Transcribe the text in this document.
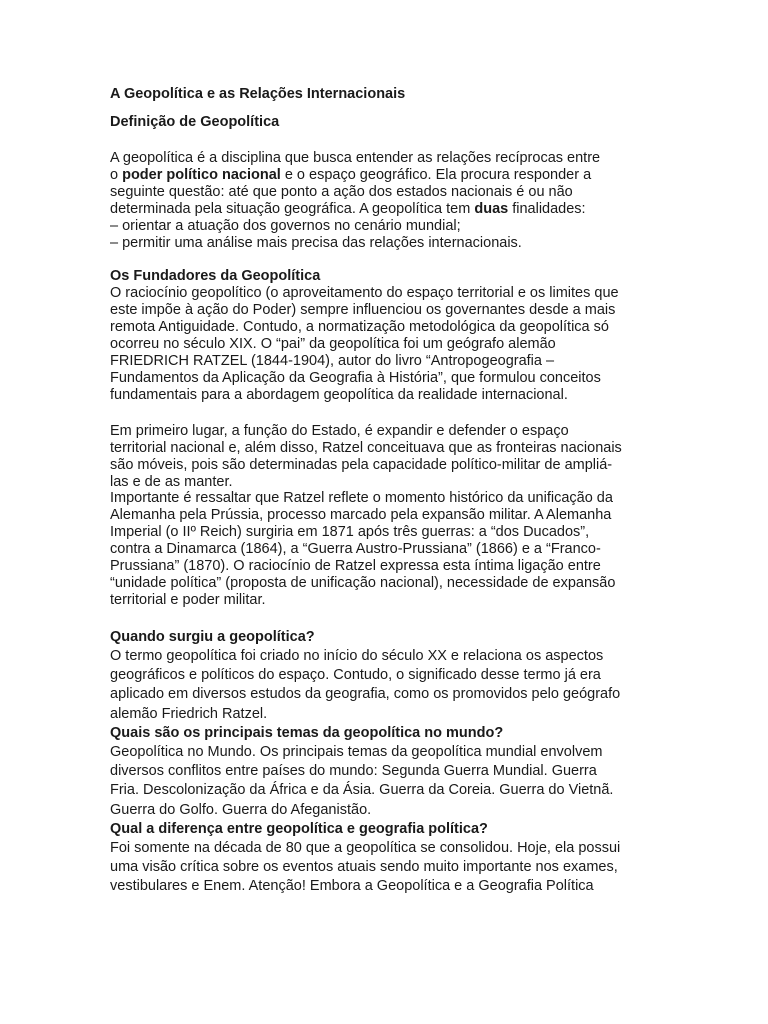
A Geopolítica e as Relações Internacionais
Definição de Geopolítica
A geopolítica é a disciplina que busca entender as relações recíprocas entre
o poder político nacional e o espaço geográfico. Ela procura responder a
seguinte questão: até que ponto a ação dos estados nacionais é ou não
determinada pela situação geográfica. A geopolítica tem duas finalidades:
– orientar a atuação dos governos no cenário mundial;
– permitir uma análise mais precisa das relações internacionais.
Os Fundadores da Geopolítica
O raciocínio geopolítico (o aproveitamento do espaço territorial e os limites que
este impõe à ação do Poder) sempre influenciou os governantes desde a mais
remota Antiguidade. Contudo, a normatização metodológica da geopolítica só
ocorreu no século XIX. O “pai” da geopolítica foi um geógrafo alemão
FRIEDRICH RATZEL (1844-1904), autor do livro “Antropogeografia –
Fundamentos da Aplicação da Geografia à História”, que formulou conceitos
fundamentais para a abordagem geopolítica da realidade internacional.
Em primeiro lugar, a função do Estado, é expandir e defender o espaço
territorial nacional e, além disso, Ratzel conceituava que as fronteiras nacionais
são móveis, pois são determinadas pela capacidade político-militar de ampliá-
las e de as manter.
Importante é ressaltar que Ratzel reflete o momento histórico da unificação da
Alemanha pela Prússia, processo marcado pela expansão militar. A Alemanha
Imperial (o IIº Reich) surgiria em 1871 após três guerras: a “dos Ducados”,
contra a Dinamarca (1864), a “Guerra Austro-Prussiana” (1866) e a “Franco-
Prussiana” (1870). O raciocínio de Ratzel expressa esta íntima ligação entre
“unidade política” (proposta de unificação nacional), necessidade de expansão
territorial e poder militar.
Quando surgiu a geopolítica?
O termo geopolítica foi criado no início do século XX e relaciona os aspectos
geográficos e políticos do espaço. Contudo, o significado desse termo já era
aplicado em diversos estudos da geografia, como os promovidos pelo geógrafo
alemão Friedrich Ratzel.
Quais são os principais temas da geopolítica no mundo?
Geopolítica no Mundo. Os principais temas da geopolítica mundial envolvem
diversos conflitos entre países do mundo: Segunda Guerra Mundial. Guerra
Fria. Descolonização da África e da Ásia. Guerra da Coreia. Guerra do Vietnã.
Guerra do Golfo. Guerra do Afeganistão.
Qual a diferença entre geopolítica e geografia política?
Foi somente na década de 80 que a geopolítica se consolidou. Hoje, ela possui
uma visão crítica sobre os eventos atuais sendo muito importante nos exames,
vestibulares e Enem. Atenção! Embora a Geopolítica e a Geografia Política
